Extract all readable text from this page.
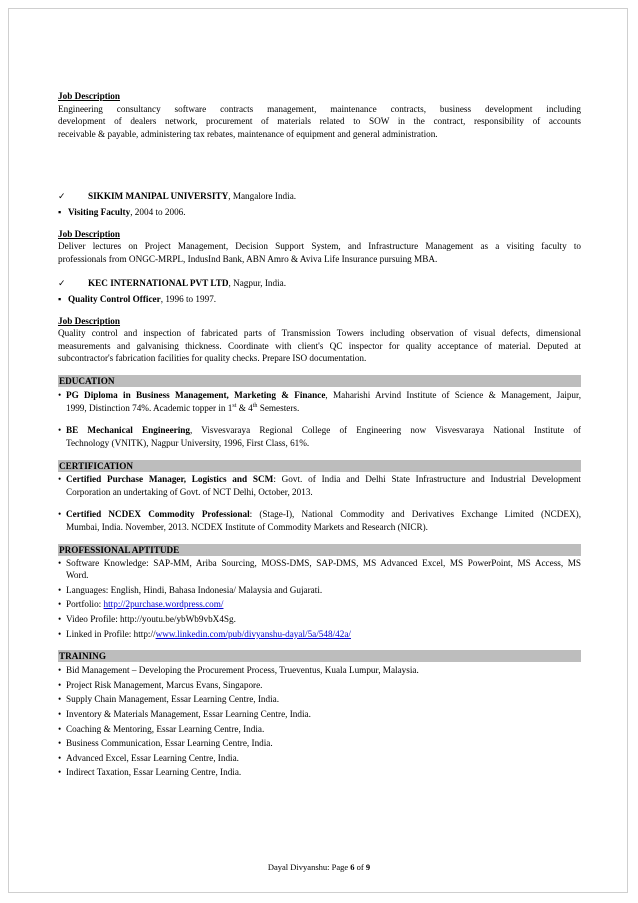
Job Description
Engineering consultancy software contracts management, maintenance contracts, business development including
development of dealers network, procurement of materials related to SOW in the contract, responsibility of accounts
receivable & payable, administering tax rebates, maintenance of equipment and general administration.
✓	SIKKIM MANIPAL UNIVERSITY, Mangalore India.
▪ Visiting Faculty, 2004 to 2006.
Job Description
Deliver lectures on Project Management, Decision Support System, and Infrastructure Management as a visiting faculty to
professionals from ONGC-MRPL, IndusInd Bank, ABN Amro & Aviva Life Insurance pursuing MBA.
✓	KEC INTERNATIONAL PVT LTD, Nagpur, India.
▪ Quality Control Officer, 1996 to 1997.
Job Description
Quality control and inspection of fabricated parts of Transmission Towers including observation of visual defects, dimensional
measurements and galvanising thickness. Coordinate with client's QC inspector for quality acceptance of material. Deputed at
subcontractor's fabrication facilities for quality checks. Prepare ISO documentation.
EDUCATION
• PG Diploma in Business Management, Marketing & Finance, Maharishi Arvind Institute of Science & Management, Jaipur,
1999, Distinction 74%. Academic topper in 1st & 4th Semesters.
• BE Mechanical Engineering, Visvesvaraya Regional College of Engineering now Visvesvaraya National Institute of
Technology (VNITK), Nagpur University, 1996, First Class, 61%.
CERTIFICATION
• Certified Purchase Manager, Logistics and SCM: Govt. of India and Delhi State Infrastructure and Industrial Development
Corporation an undertaking of Govt. of NCT Delhi, October, 2013.
• Certified NCDEX Commodity Professional: (Stage-I), National Commodity and Derivatives Exchange Limited (NCDEX),
Mumbai, India. November, 2013. NCDEX Institute of Commodity Markets and Research (NICR).
PROFESSIONAL APTITUDE
• Software Knowledge: SAP-MM, Ariba Sourcing, MOSS-DMS, SAP-DMS, MS Advanced Excel, MS PowerPoint, MS Access, MS
Word.
• Languages: English, Hindi, Bahasa Indonesia/ Malaysia and Gujarati.
• Portfolio: http://2purchase.wordpress.com/
• Video Profile: http://youtu.be/ybWb9vbX4Sg.
• Linked in Profile: http://www.linkedin.com/pub/divyanshu-dayal/5a/548/42a/
TRAINING
• Bid Management – Developing the Procurement Process, Trueventus, Kuala Lumpur, Malaysia.
• Project Risk Management, Marcus Evans, Singapore.
• Supply Chain Management, Essar Learning Centre, India.
• Inventory & Materials Management, Essar Learning Centre, India.
• Coaching & Mentoring, Essar Learning Centre, India.
• Business Communication, Essar Learning Centre, India.
• Advanced Excel, Essar Learning Centre, India.
• Indirect Taxation, Essar Learning Centre, India.
Dayal Divyanshu: Page 6 of 9
